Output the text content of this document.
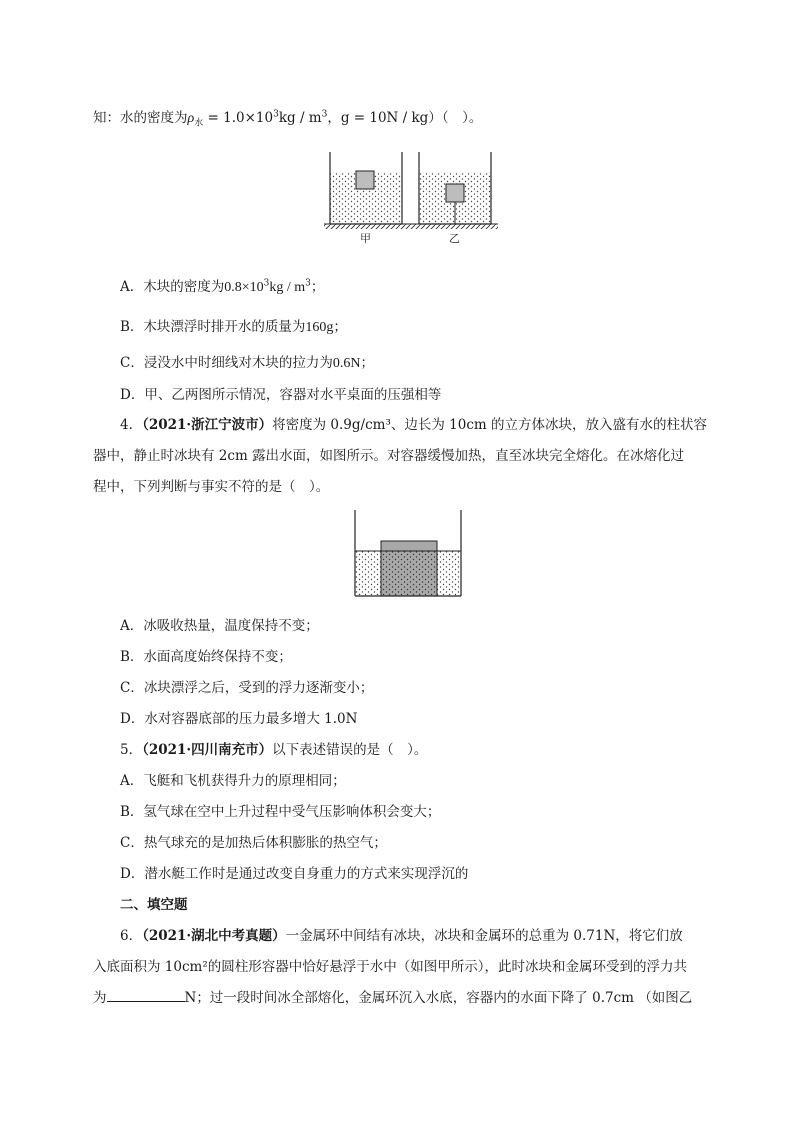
知：水的密度为$\rho_水 = 1.0\times 10^3kg / m^3$，g = 10N / kg）（　）。
甲	乙
A．木块的密度为$0.8\times 10^3kg / m^3$；
B．木块漂浮时排开水的质量为160g；
C．浸没水中时细线对木块的拉力为0.6N；
D．甲、乙两图所示情况，容器对水平桌面的压强相等
4．（2021·浙江宁波市）将密度为 0.9g/cm³、边长为 10cm 的立方体冰块，放入盛有水的柱状容
器中，静止时冰块有 2cm 露出水面，如图所示。对容器缓慢加热，直至冰块完全熔化。在冰熔化过
程中，下列判断与事实不符的是（　）。
A．冰吸收热量，温度保持不变；
B．水面高度始终保持不变；
C．冰块漂浮之后，受到的浮力逐渐变小；
D．水对容器底部的压力最多增大 1.0N
5．（2021·四川南充市）以下表述错误的是（　）。
A．飞艇和飞机获得升力的原理相同；
B．氢气球在空中上升过程中受气压影响体积会变大；
C．热气球充的是加热后体积膨胀的热空气；
D．潜水艇工作时是通过改变自身重力的方式来实现浮沉的
二、填空题
6．（2021·湖北中考真题）一金属环中间结有冰块，冰块和金属环的总重为 0.71N，将它们放
入底面积为 10cm²的圆柱形容器中恰好悬浮于水中（如图甲所示），此时冰块和金属环受到的浮力共
为	N；过一段时间冰全部熔化，金属环沉入水底，容器内的水面下降了 0.7cm （如图乙
